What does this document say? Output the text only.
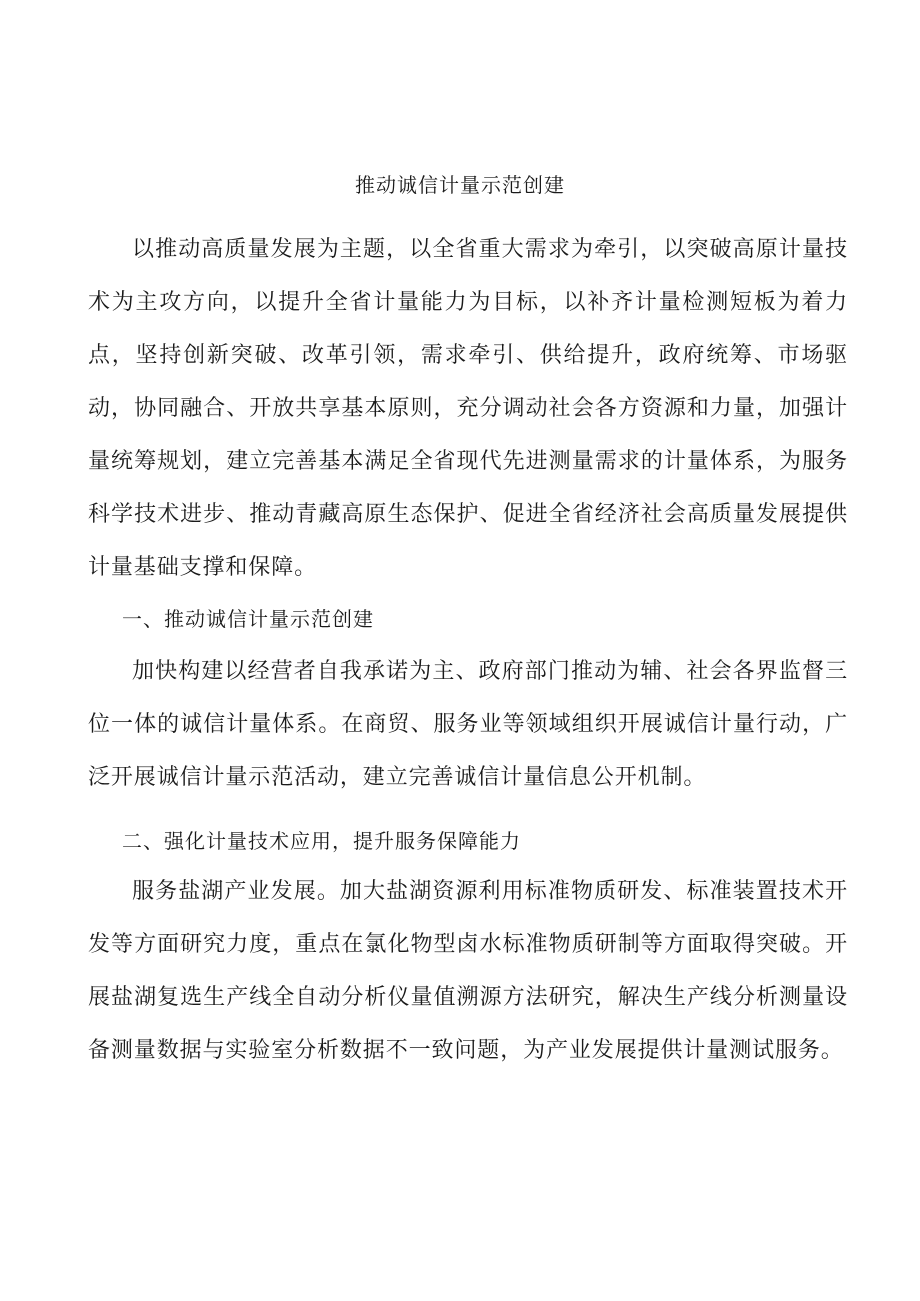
推动诚信计量示范创建

以推动高质量发展为主题，以全省重大需求为牵引，以突破高原计量技术为主攻方向，以提升全省计量能力为目标，以补齐计量检测短板为着力点，坚持创新突破、改革引领，需求牵引、供给提升，政府统筹、市场驱动，协同融合、开放共享基本原则，充分调动社会各方资源和力量，加强计量统筹规划，建立完善基本满足全省现代先进测量需求的计量体系，为服务科学技术进步、推动青藏高原生态保护、促进全省经济社会高质量发展提供计量基础支撑和保障。

一、推动诚信计量示范创建

加快构建以经营者自我承诺为主、政府部门推动为辅、社会各界监督三位一体的诚信计量体系。在商贸、服务业等领域组织开展诚信计量行动，广泛开展诚信计量示范活动，建立完善诚信计量信息公开机制。

二、强化计量技术应用，提升服务保障能力

服务盐湖产业发展。加大盐湖资源利用标准物质研发、标准装置技术开发等方面研究力度，重点在氯化物型卤水标准物质研制等方面取得突破。开展盐湖复选生产线全自动分析仪量值溯源方法研究，解决生产线分析测量设备测量数据与实验室分析数据不一致问题，为产业发展提供计量测试服务。
